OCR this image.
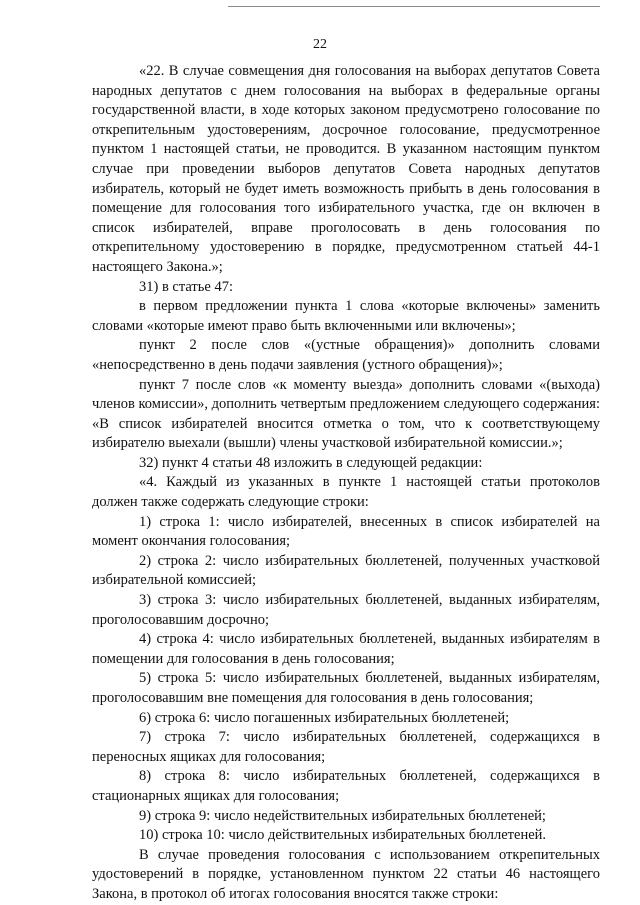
22

«22. В случае совмещения дня голосования на выборах депутатов Совета народных депутатов с днем голосования на выборах в федеральные органы государственной власти, в ходе которых законом предусмотрено голосование по открепительным удостоверениям, досрочное голосование, предусмотренное пунктом 1 настоящей статьи, не проводится. В указанном настоящим пунктом случае при проведении выборов депутатов Совета народных депутатов избиратель, который не будет иметь возможность прибыть в день голосования в помещение для голосования того избирательного участка, где он включен в список избирателей, вправе проголосовать в день голосования по открепительному удостоверению в порядке, предусмотренном статьей 44-1 настоящего Закона.»;

31) в статье 47:

в первом предложении пункта 1 слова «которые включены» заменить словами «которые имеют право быть включенными или включены»;

пункт 2 после слов «(устные обращения)» дополнить словами «непосредственно в день подачи заявления (устного обращения)»;

пункт 7 после слов «к моменту выезда» дополнить словами «(выхода) членов комиссии», дополнить четвертым предложением следующего содержания: «В список избирателей вносится отметка о том, что к соответствующему избирателю выехали (вышли) члены участковой избирательной комиссии.»;

32) пункт 4 статьи 48 изложить в следующей редакции:

«4. Каждый из указанных в пункте 1 настоящей статьи протоколов должен также содержать следующие строки:

1) строка 1: число избирателей, внесенных в список избирателей на момент окончания голосования;

2) строка 2: число избирательных бюллетеней, полученных участковой избирательной комиссией;

3) строка 3: число избирательных бюллетеней, выданных избирателям, проголосовавшим досрочно;

4) строка 4: число избирательных бюллетеней, выданных избирателям в помещении для голосования в день голосования;

5) строка 5: число избирательных бюллетеней, выданных избирателям, проголосовавшим вне помещения для голосования в день голосования;

6) строка 6: число погашенных избирательных бюллетеней;

7) строка 7: число избирательных бюллетеней, содержащихся в переносных ящиках для голосования;

8) строка 8: число избирательных бюллетеней, содержащихся в стационарных ящиках для голосования;

9) строка 9: число недействительных избирательных бюллетеней;

10) строка 10: число действительных избирательных бюллетеней.

В случае проведения голосования с использованием открепительных удостоверений в порядке, установленном пунктом 22 статьи 46 настоящего Закона, в протокол об итогах голосования вносятся также строки:
